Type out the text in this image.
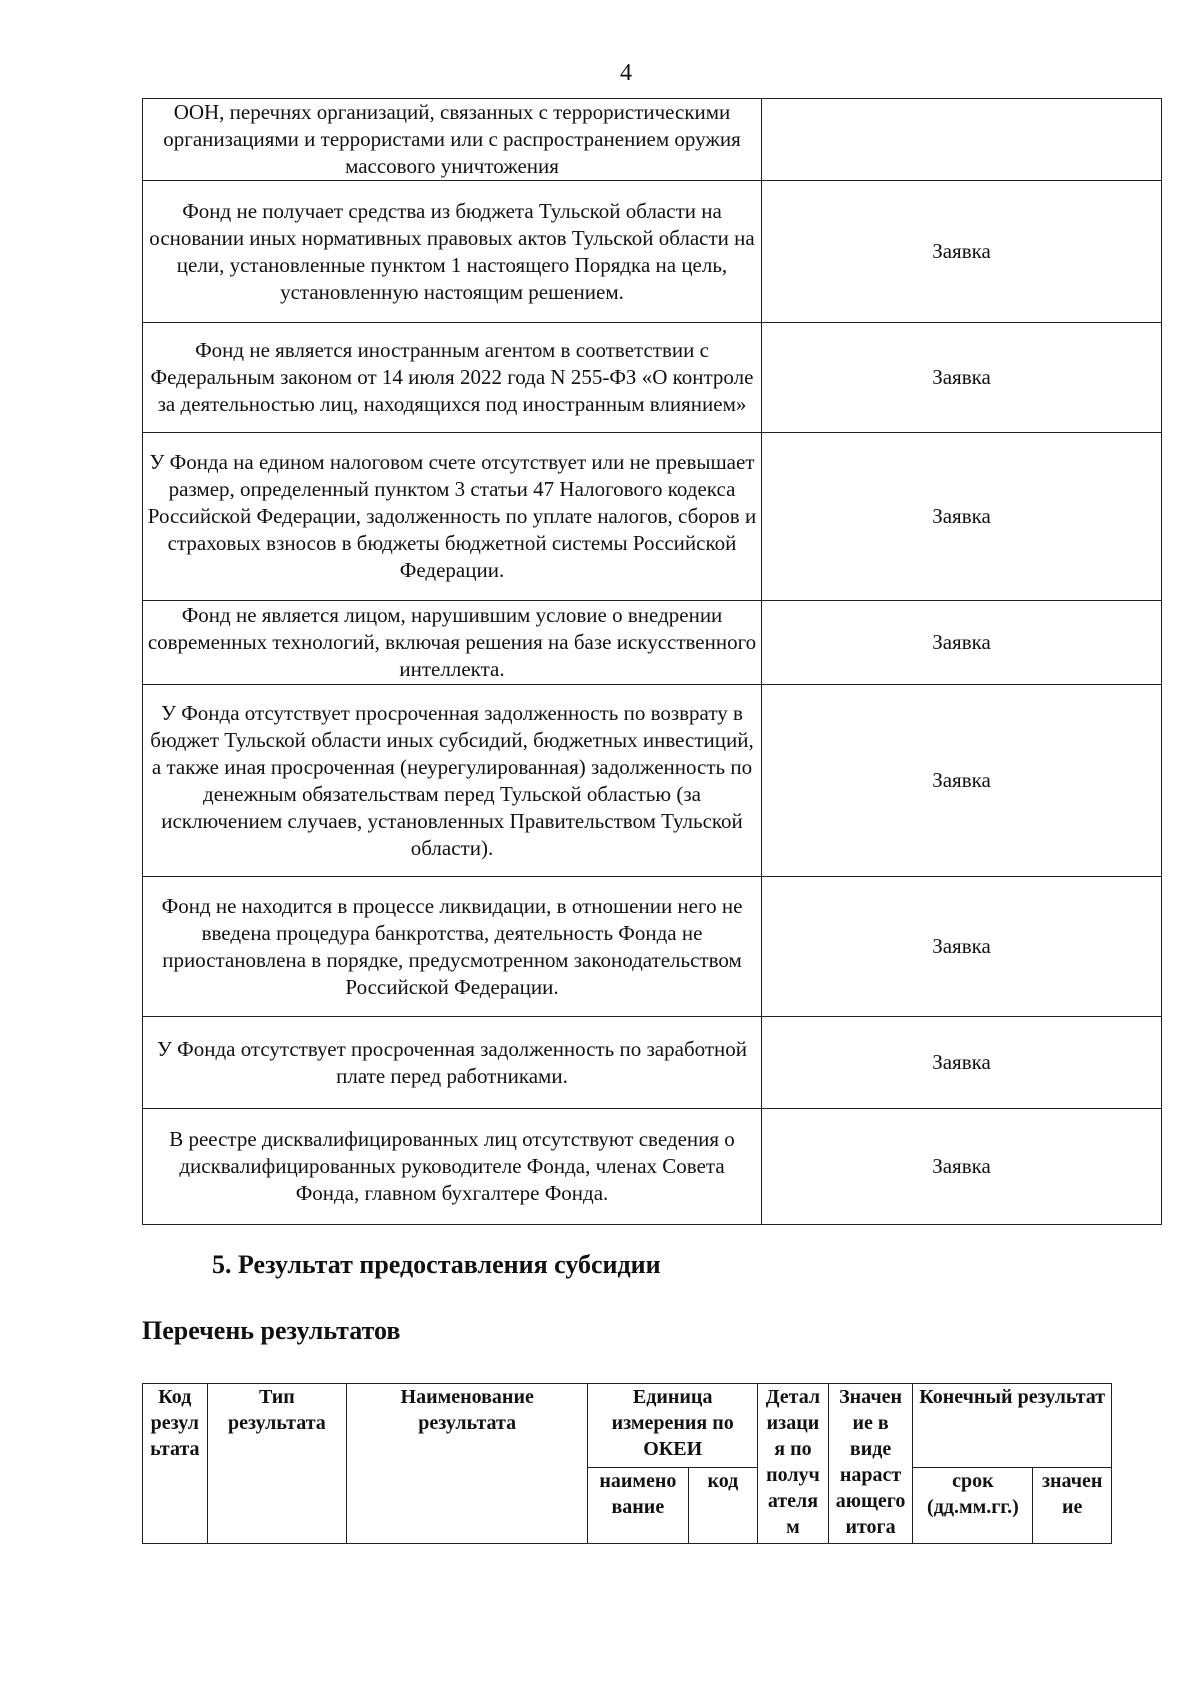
4
ООН, перечнях организаций, связанных с террористическими организациями и террористами или с распространением оружия массового уничтожения	
Фонд не получает средства из бюджета Тульской области на основании иных нормативных правовых актов Тульской области на цели, установленные пунктом 1 настоящего Порядка на цель, установленную настоящим решением.	Заявка
Фонд не является иностранным агентом в соответствии с Федеральным законом от 14 июля 2022 года N 255-ФЗ «О контроле за деятельностью лиц, находящихся под иностранным влиянием»	Заявка
У Фонда на едином налоговом счете отсутствует или не превышает размер, определенный пунктом 3 статьи 47 Налогового кодекса Российской Федерации, задолженность по уплате налогов, сборов и страховых взносов в бюджеты бюджетной системы Российской Федерации.	Заявка
Фонд не является лицом, нарушившим условие о внедрении современных технологий, включая решения на базе искусственного интеллекта.	Заявка
У Фонда отсутствует просроченная задолженность по возврату в бюджет Тульской области иных субсидий, бюджетных инвестиций, а также иная просроченная (неурегулированная) задолженность по денежным обязательствам перед Тульской областью (за исключением случаев, установленных Правительством Тульской области).	Заявка
Фонд не находится в процессе ликвидации, в отношении него не введена процедура банкротства, деятельность Фонда не приостановлена в порядке, предусмотренном законодательством Российской Федерации.	Заявка
У Фонда отсутствует просроченная задолженность по заработной плате перед работниками.	Заявка
В реестре дисквалифицированных лиц отсутствуют сведения о дисквалифицированных руководителе Фонда, членах Совета Фонда, главном бухгалтере Фонда.	Заявка
5. Результат предоставления субсидии
Перечень результатов
Код резул ьтата	Тип результата	Наименование результата	Единица измерения по ОКЕИ		Детал изаци я по получ ателя м	Значен ие в виде нараст ающего итога	Конечный результат	
			наимено вание	код			срок (дд.мм.гг.)	значен ие
